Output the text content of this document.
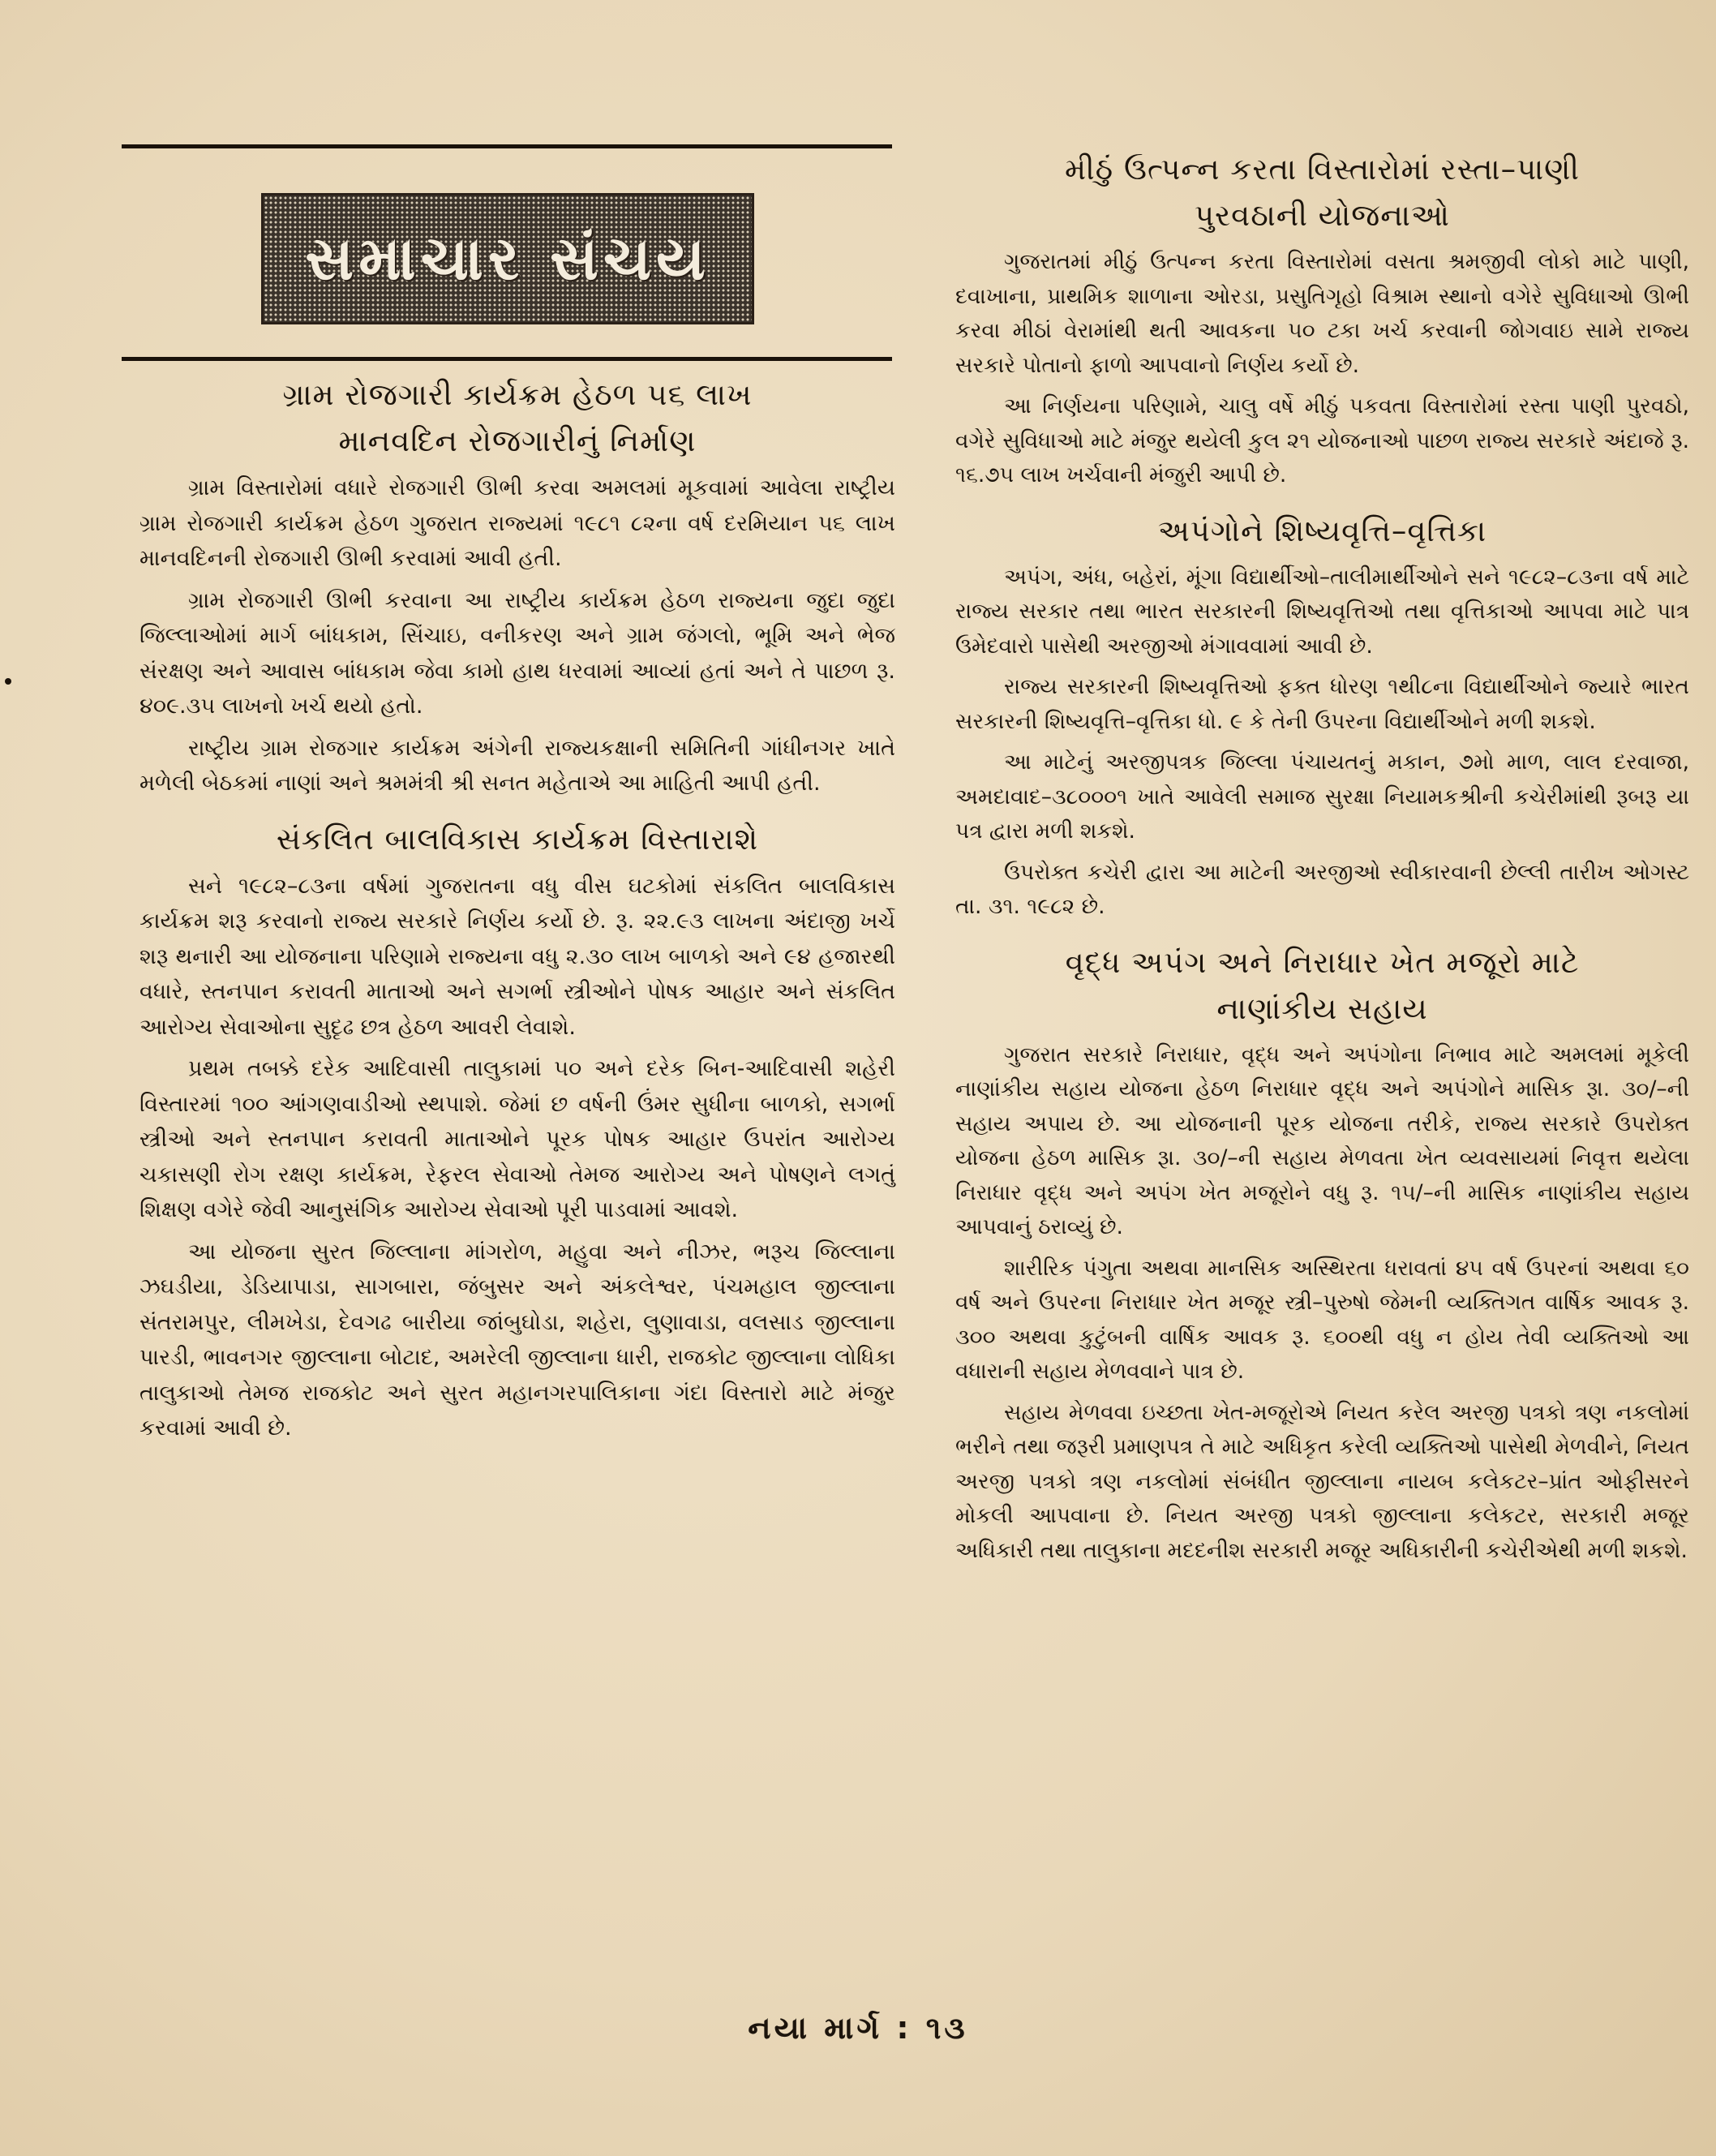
સમાચાર સંચય
ગ્રામ રોજગારી કાર્યક્રમ હેઠળ ૫૬ લાખ
માનવદિન રોજગારીનું નિર્માણ

ગ્રામ વિસ્તારોમાં વધારે રોજગારી ઊભી કરવા અમલમાં મૂકવામાં આવેલા રાષ્ટ્રીય ગ્રામ રોજગારી કાર્યક્રમ હેઠળ ગુજરાત રાજ્યમાં ૧૯૮૧ ૮૨ના વર્ષ દરમિયાન ૫૬ લાખ માનવદિનની રોજગારી ઊભી કરવામાં આવી હતી.

ગ્રામ રોજગારી ઊભી કરવાના આ રાષ્ટ્રીય કાર્યક્રમ હેઠળ રાજ્યના જુદા જુદા જિલ્લાઓમાં માર્ગ બાંધકામ, સિંચાઇ, વનીકરણ અને ગ્રામ જંગલો, ભૂમિ અને ભેજ સંરક્ષણ અને આવાસ બાંધકામ જેવા કામો હાથ ધરવામાં આવ્યાં હતાં અને તે પાછળ રૂ. ૪૦૯.૩૫ લાખનો ખર્ચ થયો હતો.

રાષ્ટ્રીય ગ્રામ રોજગાર કાર્યક્રમ અંગેની રાજ્યકક્ષાની સમિતિની ગાંધીનગર ખાતે મળેલી બેઠકમાં નાણાં અને શ્રમમંત્રી શ્રી સનત મહેતાએ આ માહિતી આપી હતી.

સંકલિત બાલવિકાસ કાર્યક્રમ વિસ્તારાશે

સને ૧૯૮૨–૮૩ના વર્ષમાં ગુજરાતના વધુ વીસ ઘટકોમાં સંકલિત બાલવિકાસ કાર્યક્રમ શરૂ કરવાનો રાજ્ય સરકારે નિર્ણય કર્યો છે. રૂ. ૨૨.૯૩ લાખના અંદાજી ખર્ચે શરૂ થનારી આ યોજનાના પરિણામે રાજ્યના વધુ ૨.૩૦ લાખ બાળકો અને ૯૪ હજારથી વધારે, સ્તનપાન કરાવતી માતાઓ અને સગર્ભા સ્ત્રીઓને પોષક આહાર અને સંકલિત આરોગ્ય સેવાઓના સુદૃઢ છત્ર હેઠળ આવરી લેવાશે.

પ્રથમ તબક્કે દરેક આદિવાસી તાલુકામાં ૫૦ અને દરેક બિન-આદિવાસી શહેરી વિસ્તારમાં ૧૦૦ આંગણવાડીઓ સ્થપાશે. જેમાં છ વર્ષની ઉંમર સુધીના બાળકો, સગર્ભા સ્ત્રીઓ અને સ્તનપાન કરાવતી માતાઓને પૂરક પોષક આહાર ઉપરાંત આરોગ્ય ચકાસણી રોગ રક્ષણ કાર્યક્રમ, રેફરલ સેવાઓ તેમજ આરોગ્ય અને પોષણને લગતું શિક્ષણ વગેરે જેવી આનુસંગિક આરોગ્ય સેવાઓ પૂરી પાડવામાં આવશે.

આ યોજના સુરત જિલ્લાના માંગરોળ, મહુવા અને નીઝર, ભરૂચ જિલ્લાના ઝઘડીયા, ડેડિયાપાડા, સાગબારા, જંબુસર અને અંકલેશ્વર, પંચમહાલ જીલ્લાના સંતરામપુર, લીમખેડા, દેવગઢ બારીયા જાંબુઘોડા, શહેરા, લુણાવાડા, વલસાડ જીલ્લાના પારડી, ભાવનગર જીલ્લાના બોટાદ, અમરેલી જીલ્લાના ધારી, રાજકોટ જીલ્લાના લોધિકા તાલુકાઓ તેમજ રાજકોટ અને સુરત મહાનગરપાલિકાના ગંદા વિસ્તારો માટે મંજુર કરવામાં આવી છે.

મીઠું ઉત્પન્ન કરતા વિસ્તારોમાં રસ્તા–પાણી
પુરવઠાની યોજનાઓ

ગુજરાતમાં મીઠું ઉત્પન્ન કરતા વિસ્તારોમાં વસતા શ્રમજીવી લોકો માટે પાણી, દવાખાના, પ્રાથમિક શાળાના ઓરડા, પ્રસુતિગૃહો વિશ્રામ સ્થાનો વગેરે સુવિધાઓ ઊભી કરવા મીઠાં વેરામાંથી થતી આવકના ૫૦ ટકા ખર્ચ કરવાની જોગવાઇ સામે રાજ્ય સરકારે પોતાનો ફાળો આપવાનો નિર્ણય કર્યો છે.

આ નિર્ણયના પરિણામે, ચાલુ વર્ષે મીઠું પકવતા વિસ્તારોમાં રસ્તા પાણી પુરવઠો, વગેરે સુવિધાઓ માટે મંજુર થયેલી કુલ ૨૧ યોજનાઓ પાછળ રાજ્ય સરકારે અંદાજે રૂ. ૧૬.૭૫ લાખ ખર્ચવાની મંજુરી આપી છે.

અપંગોને શિષ્યવૃત્તિ–વૃત્તિકા

અપંગ, અંધ, બહેરાં, મૂંગા વિદ્યાર્થીઓ–તાલીમાર્થીઓને સને ૧૯૮૨–૮૩ના વર્ષ માટે રાજ્ય સરકાર તથા ભારત સરકારની શિષ્યવૃત્તિઓ તથા વૃત્તિકાઓ આપવા માટે પાત્ર ઉમેદવારો પાસેથી અરજીઓ મંગાવવામાં આવી છે.

રાજ્ય સરકારની શિષ્યવૃત્તિઓ ફક્ત ધોરણ ૧થી૮ના વિદ્યાર્થીઓને જ્યારે ભારત સરકારની શિષ્યવૃત્તિ–વૃત્તિકા ધો. ૯ કે તેની ઉપરના વિદ્યાર્થીઓને મળી શકશે.

આ માટેનું અરજીપત્રક જિલ્લા પંચાયતનું મકાન, ૭મો માળ, લાલ દરવાજા, અમદાવાદ–૩૮૦૦૦૧ ખાતે આવેલી સમાજ સુરક્ષા નિયામકશ્રીની કચેરીમાંથી રૂબરૂ યા પત્ર દ્વારા મળી શકશે.

ઉપરોક્ત કચેરી દ્વારા આ માટેની અરજીઓ સ્વીકારવાની છેલ્લી તારીખ ઓગસ્ટ તા. ૩૧. ૧૯૮૨ છે.

વૃદ્ધ અપંગ અને નિરાધાર ખેત મજૂરો માટે
નાણાંકીય સહાય

ગુજરાત સરકારે નિરાધાર, વૃદ્ધ અને અપંગોના નિભાવ માટે અમલમાં મૂકેલી નાણાંકીય સહાય યોજના હેઠળ નિરાધાર વૃદ્ધ અને અપંગોને માસિક રૂા. ૩૦/–ની સહાય અપાય છે. આ યોજનાની પૂરક યોજના તરીકે, રાજ્ય સરકારે ઉપરોક્ત યોજના હેઠળ માસિક રૂા. ૩૦/–ની સહાય મેળવતા ખેત વ્યવસાયમાં નિવૃત્ત થયેલા નિરાધાર વૃદ્ધ અને અપંગ ખેત મજૂરોને વધુ રૂ. ૧૫/–ની માસિક નાણાંકીય સહાય આપવાનું ઠરાવ્યું છે.

શારીરિક પંગુતા અથવા માનસિક અસ્થિરતા ધરાવતાં ૪૫ વર્ષ ઉપરનાં અથવા ૬૦ વર્ષ અને ઉપરના નિરાધાર ખેત મજૂર સ્ત્રી–પુરુષો જેમની વ્યક્તિગત વાર્ષિક આવક રૂ. ૩૦૦ અથવા કુટુંબની વાર્ષિક આવક રૂ. ૬૦૦થી વધુ ન હોય તેવી વ્યક્તિઓ આ વધારાની સહાય મેળવવાને પાત્ર છે.

સહાય મેળવવા ઇચ્છતા ખેત-મજૂરોએ નિયત કરેલ અરજી પત્રકો ત્રણ નકલોમાં ભરીને તથા જરૂરી પ્રમાણપત્ર તે માટે અધિકૃત કરેલી વ્યક્તિઓ પાસેથી મેળવીને, નિયત અરજી પત્રકો ત્રણ નકલોમાં સંબંધીત જીલ્લાના નાયબ કલેકટર–પ્રાંત ઓફીસરને મોકલી આપવાના છે. નિયત અરજી પત્રકો જીલ્લાના કલેકટર, સરકારી મજૂર અધિકારી તથા તાલુકાના મદદનીશ સરકારી મજૂર અધિકારીની કચેરીએથી મળી શકશે.

નયા માર્ગ : ૧૩
